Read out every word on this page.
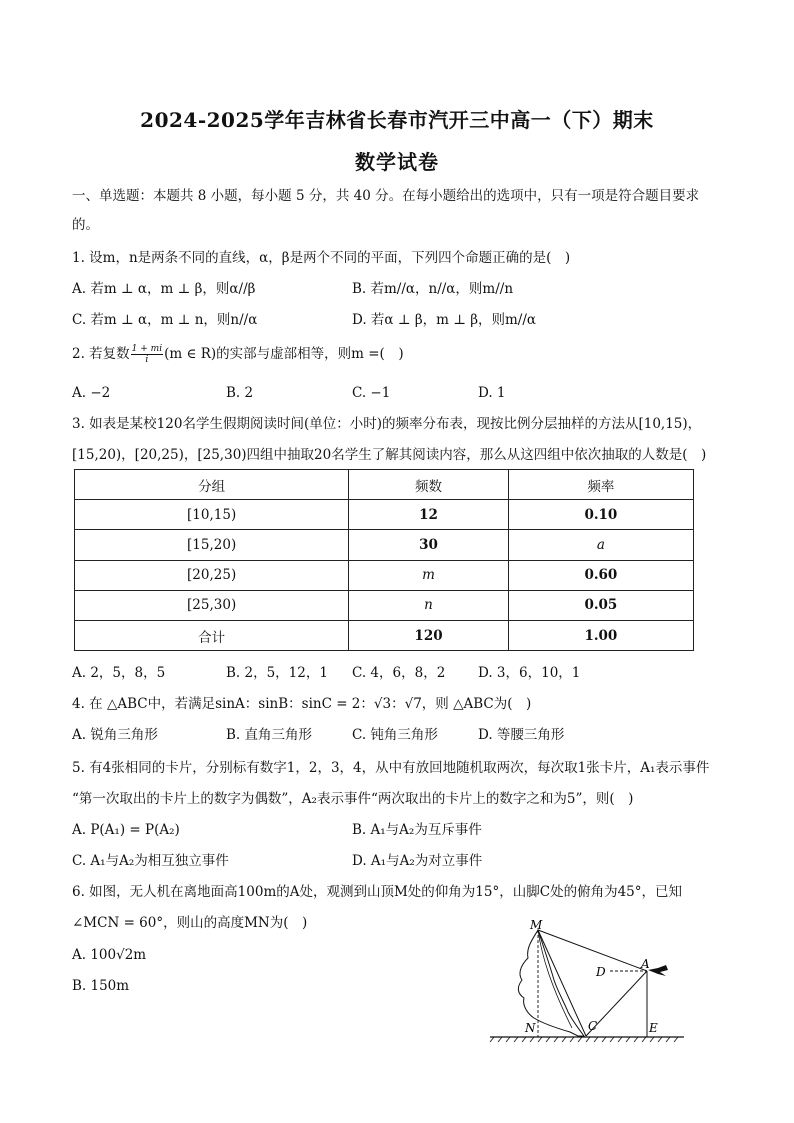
2024-2025学年吉林省长春市汽开三中高一（下）期末
数学试卷
一、单选题：本题共 8 小题，每小题 5 分，共 40 分。在每小题给出的选项中，只有一项是符合题目要求
的。
1. 设m，n是两条不同的直线，α，β是两个不同的平面，下列四个命题正确的是(　)
A. 若m ⊥ α，m ⊥ β，则α//β	B. 若m//α，n//α，则m//n
C. 若m ⊥ α，m ⊥ n，则n//α	D. 若α ⊥ β，m ⊥ β，则m//α
2. 若复数 $\frac{1 + mi}{i} (m$ ∈ R)的实部与虚部相等，则m =(　)
A. −2	B. 2	C. −1	D. 1
3. 如表是某校120名学生假期阅读时间(单位：小时)的频率分布表，现按比例分层抽样的方法从[10,15)，
[15,20)，[20,25)，[25,30)四组中抽取20名学生了解其阅读内容，那么从这四组中依次抽取的人数是(　)
分组	频数	频率
[10,15)	12	0.10
[15,20)	30	a
[20,25)	m	0.60
[25,30)	n	0.05
合计	120	1.00
A. 2，5，8，5	B. 2，5，12，1 C. 4，6，8，2 D. 3，6，10，1
4. 在 △ABC中，若满足sinA：sinB：sinC = 2：√3：√7，则 △ABC为(　)
A. 锐角三角形	B. 直角三角形	C. 钝角三角形	D. 等腰三角形
5. 有4张相同的卡片，分别标有数字1，2，3，4，从中有放回地随机取两次，每次取1张卡片，A₁表示事件
“第一次取出的卡片上的数字为偶数”，A₂表示事件“两次取出的卡片上的数字之和为5”，则(　)
A. P(A₁) = P(A₂)	B. A₁与A₂为互斥事件
C. A₁与A₂为相互独立事件	D. A₁与A₂为对立事件
6. 如图，无人机在离地面高100m的A处，观测到山顶M处的仰角为15°，山脚C处的俯角为45°，已知
∠MCN = 60°，则山的高度MN为(　)
A. 100√2m
B. 150m
M
A
D
N	C	E
